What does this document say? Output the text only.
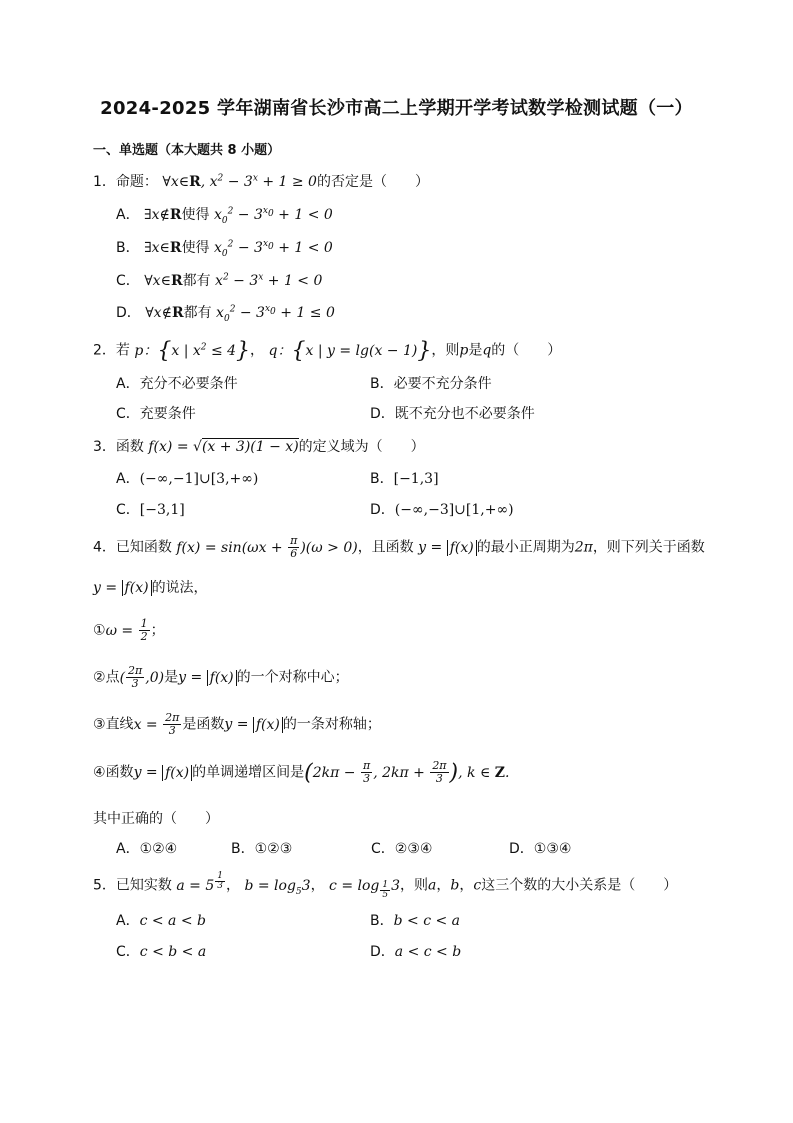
2024-2025 学年湖南省长沙市高二上学期开学考试数学检测试题（一）
一、单选题（本大题共 8 小题）
1．命题： ∀x∈R, $x^2 - 3^x + 1 \ge 0$的否定是（　　）
A． ∃x∉R使得 $x_0^2 - 3^{x_0} + 1 < 0$
B． ∃x∈R使得 $x_0^2 - 3^{x_0} + 1 < 0$
C． ∀x∈R都有 $x^2 - 3^x + 1 < 0$
D． ∀x∉R都有 $x_0^2 - 3^{x_0} + 1 \le 0$
2．若 p：{x | $x^2 \le 4$}， q：{x | y = lg(x − 1)}，则p是q的（　　）
A．充分不必要条件	B．必要不充分条件
C．充要条件	D．既不充分也不必要条件
3．函数 f(x) = √(x + 3)(1 − x)的定义域为（　　）
A．(−∞,−1]∪[3,+∞)	B．[−1,3]
C．[−3,1]	D．(−∞,−3]∪[1,+∞)
4．已知函数 $f(x) = \sin(\omega x + \frac{\pi}{6} )(\omega > 0)$，且函数 y = f(x) 的最小正周期为2π，则下列关于函数
y = f(x) 的说法，
①ω = $\frac{1}{2}$ ；
②点( $\frac{2\pi}{3} ,0$)是y = f(x) 的一个对称中心；
③直线$x = \frac{2\pi}{3}$ 是函数y = f(x) 的一条对称轴；
④函数y = f(x) 的单调递增区间是($2k\pi - \frac{\pi}{3}$ , $2k\pi + \frac{2\pi}{3}$ ), k ∈ Z.
其中正确的（　　）
A．①②④	B．①②③	C．②③④	D．①③④
5．已知实数 a = 5 $^{\frac{1}{3}}$ ， $b = \log_53$， c = log $_{\frac{1}{5}}$ 3，则a，b，c这三个数的大小关系是（　　）
A．c < a < b	B．b < c < a
C．c < b < a	D．a < c < b
